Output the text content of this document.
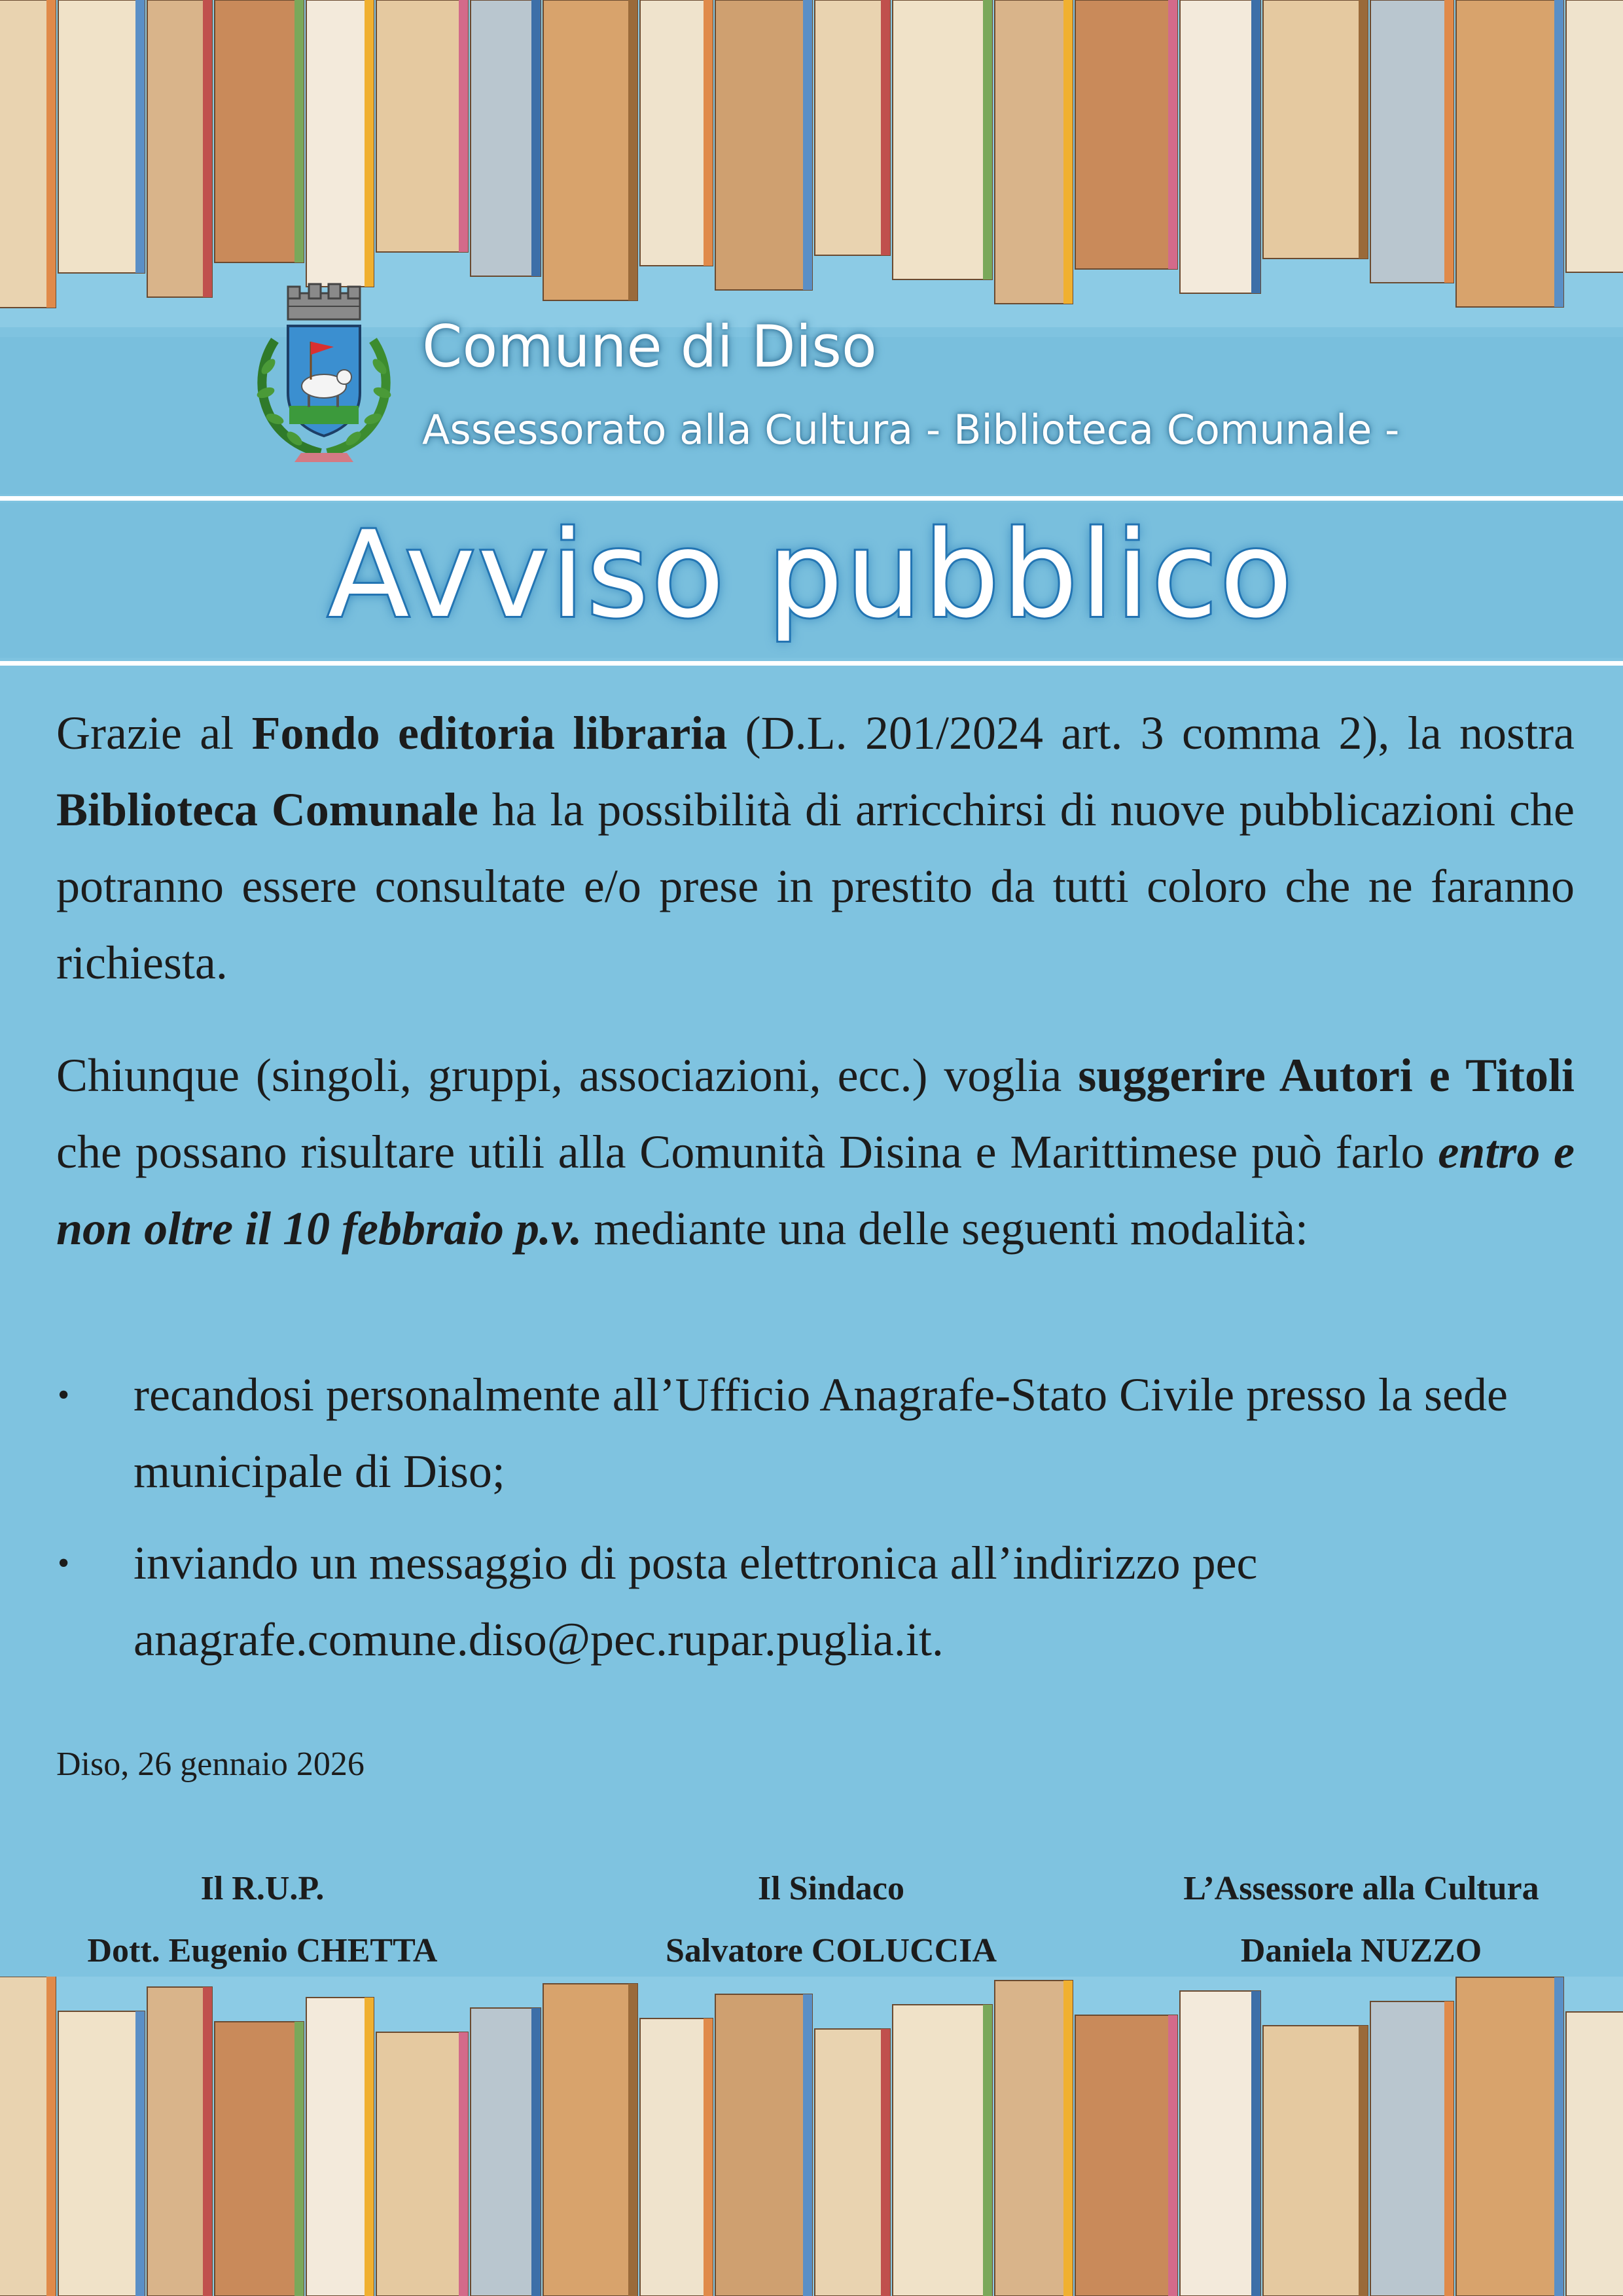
Comune di Diso
Assessorato alla Cultura - Biblioteca Comunale -
Avviso pubblico
Grazie al Fondo editoria libraria (D.L. 201/2024 art. 3 comma 2), la nostra Biblioteca Comunale ha la possibilità di arricchirsi di nuove pubblicazioni che potranno essere consultate e/o prese in prestito da tutti coloro che ne faranno richiesta.
Chiunque (singoli, gruppi, associazioni, ecc.) voglia suggerire Autori e Titoli che possano risultare utili alla Comunità Disina e Marittimese può farlo entro e non oltre il 10 febbraio p.v. mediante una delle seguenti modalità:
• recandosi personalmente all’Ufficio Anagrafe-Stato Civile presso la sede municipale di Diso;
• inviando un messaggio di posta elettronica all’indirizzo pec anagrafe.comune.diso@pec.rupar.puglia.it.
Diso, 26 gennaio 2026
Il R.U.P.
Dott. Eugenio CHETTA
Il Sindaco
Salvatore COLUCCIA
L’Assessore alla Cultura
Daniela NUZZO
